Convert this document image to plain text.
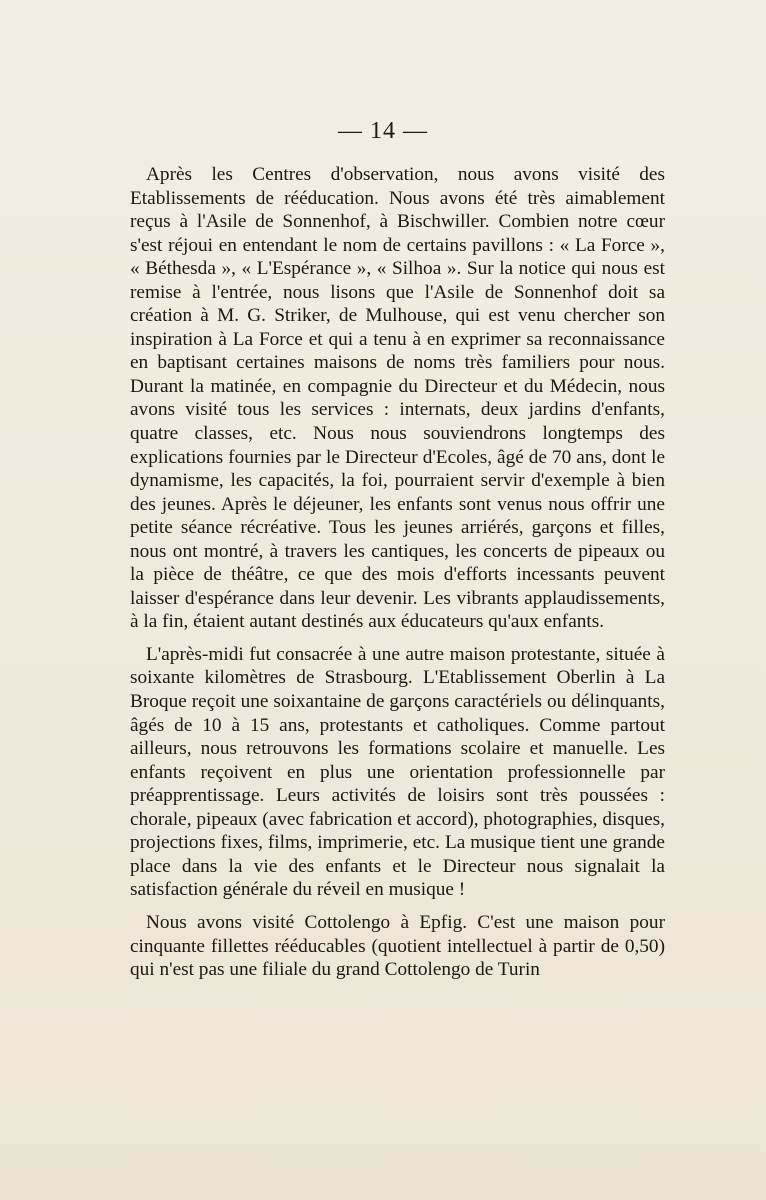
— 14 —

Après les Centres d'observation, nous avons visité des Etablissements de rééducation. Nous avons été très aimablement reçus à l'Asile de Sonnenhof, à Bischwiller. Combien notre cœur s'est réjoui en entendant le nom de certains pavillons : « La Force », « Béthesda », « L'Espérance », « Silhoa ». Sur la notice qui nous est remise à l'entrée, nous lisons que l'Asile de Sonnenhof doit sa création à M. G. Striker, de Mulhouse, qui est venu chercher son inspiration à La Force et qui a tenu à en exprimer sa reconnaissance en baptisant certaines maisons de noms très familiers pour nous. Durant la matinée, en compagnie du Directeur et du Médecin, nous avons visité tous les services : internats, deux jardins d'enfants, quatre classes, etc. Nous nous souviendrons longtemps des explications fournies par le Directeur d'Ecoles, âgé de 70 ans, dont le dynamisme, les capacités, la foi, pourraient servir d'exemple à bien des jeunes. Après le déjeuner, les enfants sont venus nous offrir une petite séance récréative. Tous les jeunes arriérés, garçons et filles, nous ont montré, à travers les cantiques, les concerts de pipeaux ou la pièce de théâtre, ce que des mois d'efforts incessants peuvent laisser d'espérance dans leur devenir. Les vibrants applaudissements, à la fin, étaient autant destinés aux éducateurs qu'aux enfants.

L'après-midi fut consacrée à une autre maison protestante, située à soixante kilomètres de Strasbourg. L'Etablissement Oberlin à La Broque reçoit une soixantaine de garçons caractériels ou délinquants, âgés de 10 à 15 ans, protestants et catholiques. Comme partout ailleurs, nous retrouvons les formations scolaire et manuelle. Les enfants reçoivent en plus une orientation professionnelle par préapprentissage. Leurs activités de loisirs sont très poussées : chorale, pipeaux (avec fabrication et accord), photographies, disques, projections fixes, films, imprimerie, etc. La musique tient une grande place dans la vie des enfants et le Directeur nous signalait la satisfaction générale du réveil en musique !

Nous avons visité Cottolengo à Epfig. C'est une maison pour cinquante fillettes rééducables (quotient intellectuel à partir de 0,50) qui n'est pas une filiale du grand Cottolengo de Turin
